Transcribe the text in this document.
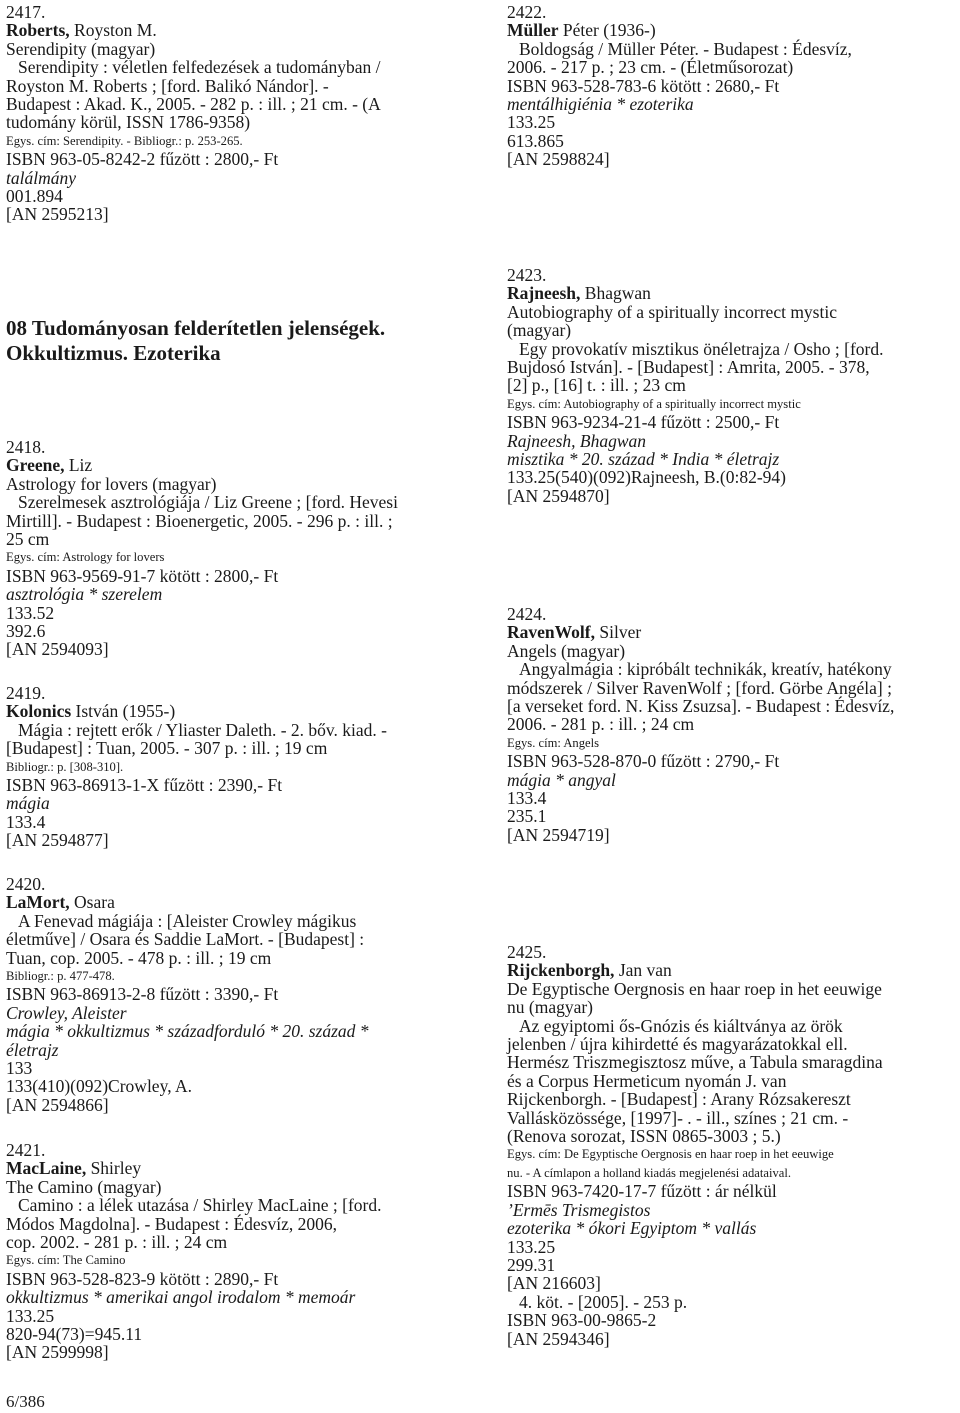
2417.
Roberts, Royston M.
Serendipity (magyar)
Serendipity : véletlen felfedezések a tudományban /
Royston M. Roberts ; [ford. Balikó Nándor]. -
Budapest : Akad. K., 2005. - 282 p. : ill. ; 21 cm. - (A
tudomány körül, ISSN 1786-9358)
Egys. cím: Serendipity. - Bibliogr.: p. 253-265.
ISBN 963-05-8242-2 fűzött : 2800,- Ft
találmány
001.894
[AN 2595213]
08 Tudományosan felderítetlen jelenségek.
Okkultizmus. Ezoterika
2418.
Greene, Liz
Astrology for lovers (magyar)
Szerelmesek asztrológiája / Liz Greene ; [ford. Hevesi
Mirtill]. - Budapest : Bioenergetic, 2005. - 296 p. : ill. ;
25 cm
Egys. cím: Astrology for lovers
ISBN 963-9569-91-7 kötött : 2800,- Ft
asztrológia * szerelem
133.52
392.6
[AN 2594093]
2419.
Kolonics István (1955-)
Mágia : rejtett erők / Yliaster Daleth. - 2. bőv. kiad. -
[Budapest] : Tuan, 2005. - 307 p. : ill. ; 19 cm
Bibliogr.: p. [308-310].
ISBN 963-86913-1-X fűzött : 2390,- Ft
mágia
133.4
[AN 2594877]
2420.
LaMort, Osara
A Fenevad mágiája : [Aleister Crowley mágikus
életműve] / Osara és Saddie LaMort. - [Budapest] :
Tuan, cop. 2005. - 478 p. : ill. ; 19 cm
Bibliogr.: p. 477-478.
ISBN 963-86913-2-8 fűzött : 3390,- Ft
Crowley, Aleister
mágia * okkultizmus * századforduló * 20. század *
életrajz
133
133(410)(092)Crowley, A.
[AN 2594866]
2421.
MacLaine, Shirley
The Camino (magyar)
Camino : a lélek utazása / Shirley MacLaine ; [ford.
Módos Magdolna]. - Budapest : Édesvíz, 2006,
cop. 2002. - 281 p. : ill. ; 24 cm
Egys. cím: The Camino
ISBN 963-528-823-9 kötött : 2890,- Ft
okkultizmus * amerikai angol irodalom * memoár
133.25
820-94(73)=945.11
[AN 2599998]
2422.
Müller Péter (1936-)
Boldogság / Müller Péter. - Budapest : Édesvíz,
2006. - 217 p. ; 23 cm. - (Életműsorozat)
ISBN 963-528-783-6 kötött : 2680,- Ft
mentálhigiénia * ezoterika
133.25
613.865
[AN 2598824]
2423.
Rajneesh, Bhagwan
Autobiography of a spiritually incorrect mystic
(magyar)
Egy provokatív misztikus önéletrajza / Osho ; [ford.
Bujdosó István]. - [Budapest] : Amrita, 2005. - 378,
[2] p., [16] t. : ill. ; 23 cm
Egys. cím: Autobiography of a spiritually incorrect mystic
ISBN 963-9234-21-4 fűzött : 2500,- Ft
Rajneesh, Bhagwan
misztika * 20. század * India * életrajz
133.25(540)(092)Rajneesh, B.(0:82-94)
[AN 2594870]
2424.
RavenWolf, Silver
Angels (magyar)
Angyalmágia : kipróbált technikák, kreatív, hatékony
módszerek / Silver RavenWolf ; [ford. Görbe Angéla] ;
[a verseket ford. N. Kiss Zsuzsa]. - Budapest : Édesvíz,
2006. - 281 p. : ill. ; 24 cm
Egys. cím: Angels
ISBN 963-528-870-0 fűzött : 2790,- Ft
mágia * angyal
133.4
235.1
[AN 2594719]
2425.
Rijckenborgh, Jan van
De Egyptische Oergnosis en haar roep in het eeuwige
nu (magyar)
Az egyiptomi ős-Gnózis és kiáltványa az örök
jelenben / újra kihirdetté és magyarázatokkal ell.
Hermész Triszmegisztosz műve, a Tabula smaragdina
és a Corpus Hermeticum nyomán J. van
Rijckenborgh. - [Budapest] : Arany Rózsakereszt
Vallásközössége, [1997]- . - ill., színes ; 21 cm. -
(Renova sorozat, ISSN 0865-3003 ; 5.)
Egys. cím: De Egyptische Oergnosis en haar roep in het eeuwige
nu. - A címlapon a holland kiadás megjelenési adataival.
ISBN 963-7420-17-7 fűzött : ár nélkül
’Ermēs Trismegistos
ezoterika * ókori Egyiptom * vallás
133.25
299.31
[AN 216603]
4. köt. - [2005]. - 253 p.
ISBN 963-00-9865-2
[AN 2594346]
6/386
